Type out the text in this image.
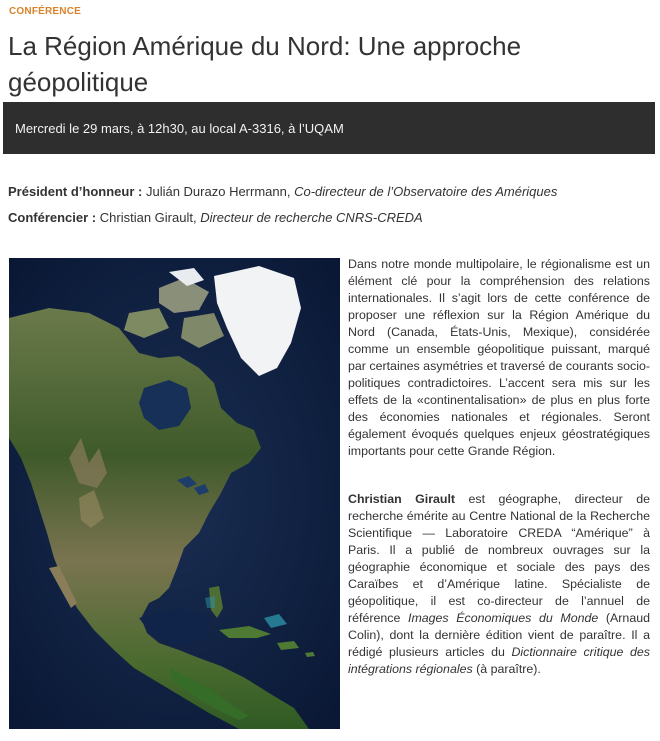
CONFÉRENCE
La Région Amérique du Nord: Une approche géopolitique
Mercredi le 29 mars, à 12h30, au local A-3316, à l’UQAM
Président d’honneur : Julián Durazo Herrmann, Co-directeur de l’Observatoire des Amériques
Conférencier : Christian Girault, Directeur de recherche CNRS-CREDA

Dans notre monde multipolaire, le régionalisme est un élément clé pour la compréhension des relations internationales. Il s’agit lors de cette conférence de proposer une réflexion sur la Région Amérique du Nord (Canada, États-Unis, Mexique), considérée comme un ensemble géopolitique puissant, marqué par certaines asymétries et traversé de courants socio-politiques contradictoires. L’accent sera mis sur les effets de la «continentalisation» de plus en plus forte des économies nationales et régionales. Seront également évoqués quelques enjeux géostratégiques importants pour cette Grande Région.

Christian Girault est géographe, directeur de recherche émérite au Centre National de la Recherche Scientifique — Laboratoire CREDA “Amérique” à Paris. Il a publié de nombreux ouvrages sur la géographie économique et sociale des pays des Caraïbes et d’Amérique latine. Spécialiste de géopolitique, il est co-directeur de l’annuel de référence Images Économiques du Monde (Arnaud Colin), dont la dernière édition vient de paraître. Il a rédigé plusieurs articles du Dictionnaire critique des intégrations régionales (à paraître).
